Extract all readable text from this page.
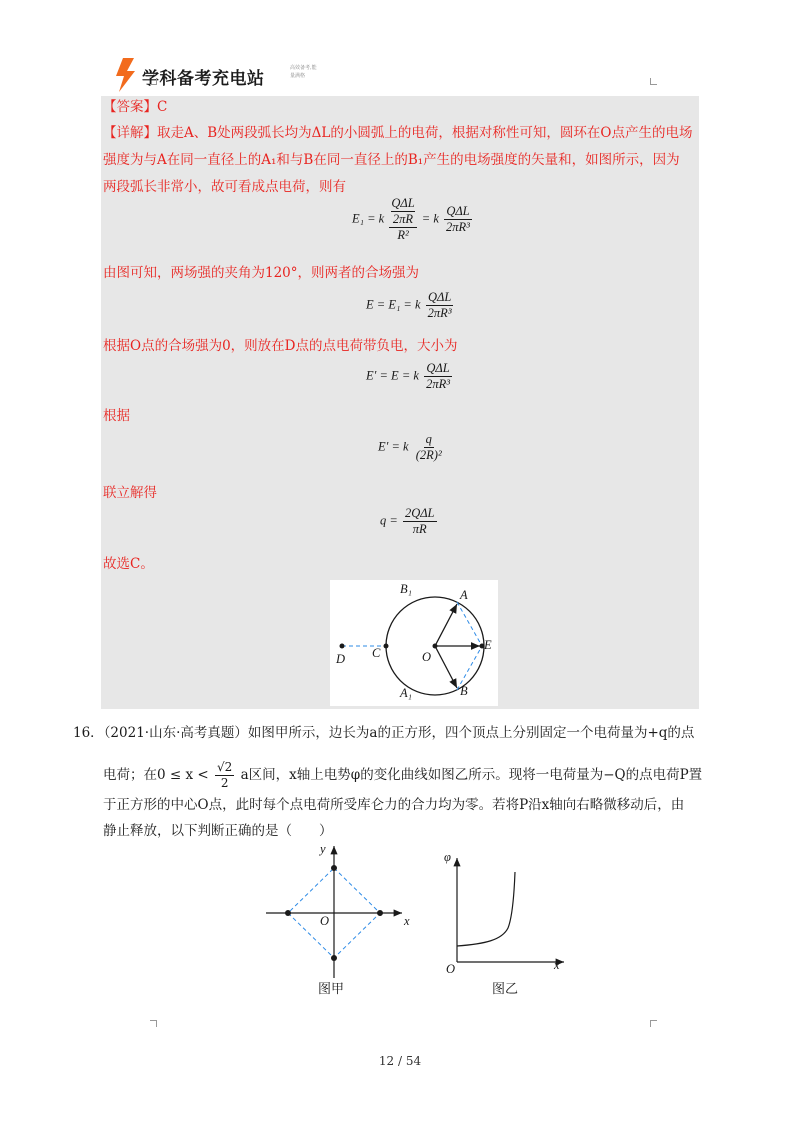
学科备考充电站
高效备考,能量满格
【答案】C
【详解】取走A、B处两段弧长均为ΔL的小圆弧上的电荷，根据对称性可知，圆环在O点产生的电场
强度为与A在同一直径上的A₁和与B在同一直径上的B₁产生的电场强度的矢量和，如图所示，因为
两段弧长非常小，故可看成点电荷，则有
E₁ = k QΔL
2πR
R² = k $\frac{\text{QΔL}}{\text{2πR³}}$
由图可知，两场强的夹角为120°，则两者的合场强为
E = E₁ = k $\frac{\text{QΔL}}{\text{2πR³}}$
根据O点的合场强为0，则放在D点的点电荷带负电，大小为
E′ = E = k $\frac{\text{QΔL}}{\text{2πR³}}$
根据
E′ = k $\frac{q}{\text{(2R)²}}$
联立解得
$q = \frac{\text{2QΔL}}{\pi R}$
故选C。
B₁	A
D C	O
E
A₁	B
16．（2021·山东·高考真题）如图甲所示，边长为a的正方形，四个顶点上分别固定一个电荷量为+q的点
电荷；在$0 \le x < \frac{√2}{2}$ a区间，x轴上电势φ的变化曲线如图乙所示。现将一电荷量为−Q的点电荷P置
于正方形的中心O点，此时每个点电荷所受库仑力的合力均为零。若将P沿x轴向右略微移动后，由
静止释放，以下判断正确的是（　　）
y
x
O
图甲
φ
x
O
图乙
12 / 54
